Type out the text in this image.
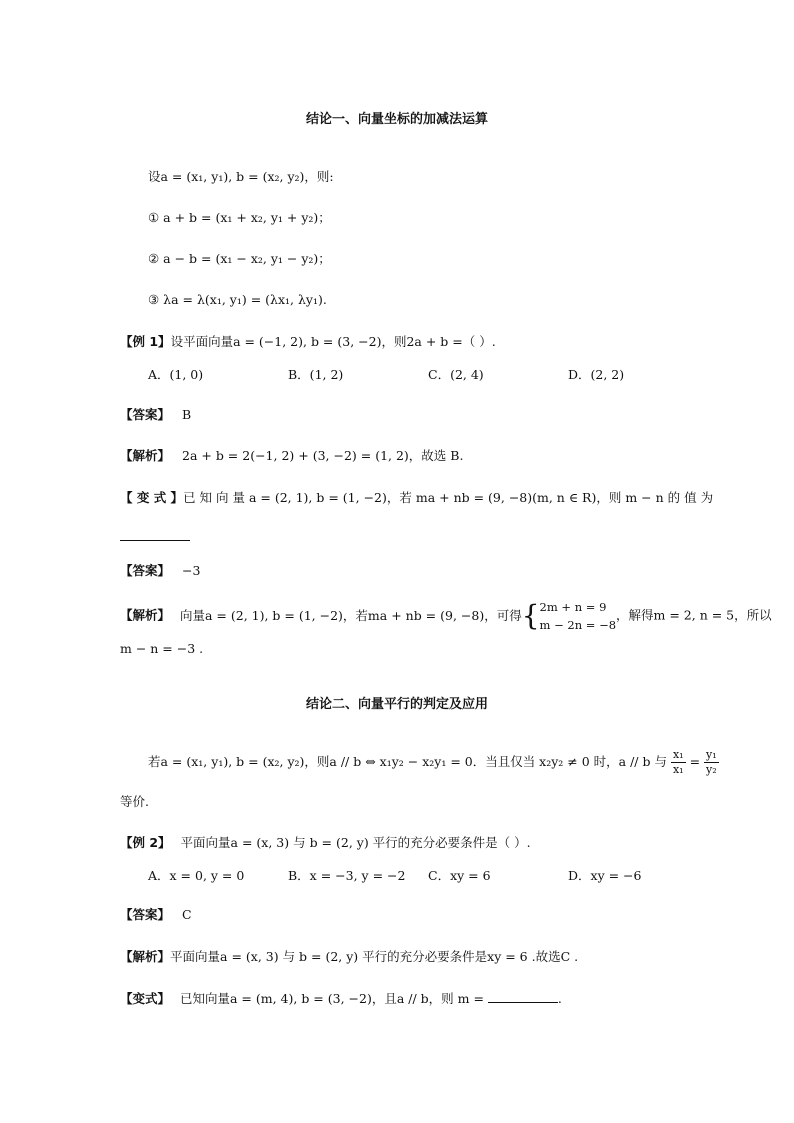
结论一、向量坐标的加减法运算
设a = (x₁, y₁), b = (x₂, y₂)，则:
① a + b = (x₁ + x₂, y₁ + y₂)；
② a − b = (x₁ − x₂, y₁ − y₂)；
③ λa = λ(x₁, y₁) = (λx₁, λy₁).
【例 1】设平面向量a = (−1, 2), b = (3, −2)，则2a + b =（ ）.
A．(1, 0)	B．(1, 2)	C．(2, 4)	D．(2, 2)
【答案】 B
【解析】 2a + b = 2(−1, 2) + (3, −2) = (1, 2)，故选 B.
【 变 式 】 已 知 向 量 a = (2, 1), b = (1, −2)，若 ma + nb = (9, −8)(m, n ∈ R)，则 m − n 的 值 为
【答案】 −3
【解析】 向量a = (2, 1), b = (1, −2)，若ma + nb = (9, −8)，可得{ 2m + n = 9
m − 2n = −8
，解得m = 2, n = 5，所以
m − n = −3 .
结论二、向量平行的判定及应用
若a = (x₁, y₁), b = (x₂, y₂)，则a // b ⇔ x₁y₂ − x₂y₁ = 0．当且仅当 x₂y₂ ≠ 0 时，a // b 与 $\frac{\text{x₁}}{\text{x₁}} = \frac{\text{y₁}}{\text{y₂}}$
等价.
【例 2】 平面向量a = (x, 3) 与 b = (2, y) 平行的充分必要条件是（ ）.
A．x = 0, y = 0	B．x = −3, y = −2 C．xy = 6	D．xy = −6
【答案】 C
【解析】平面向量a = (x, 3) 与 b = (2, y) 平行的充分必要条件是xy = 6 .故选C .
【变式】 已知向量a = (m, 4), b = (3, −2)，且a // b，则 m =	.
